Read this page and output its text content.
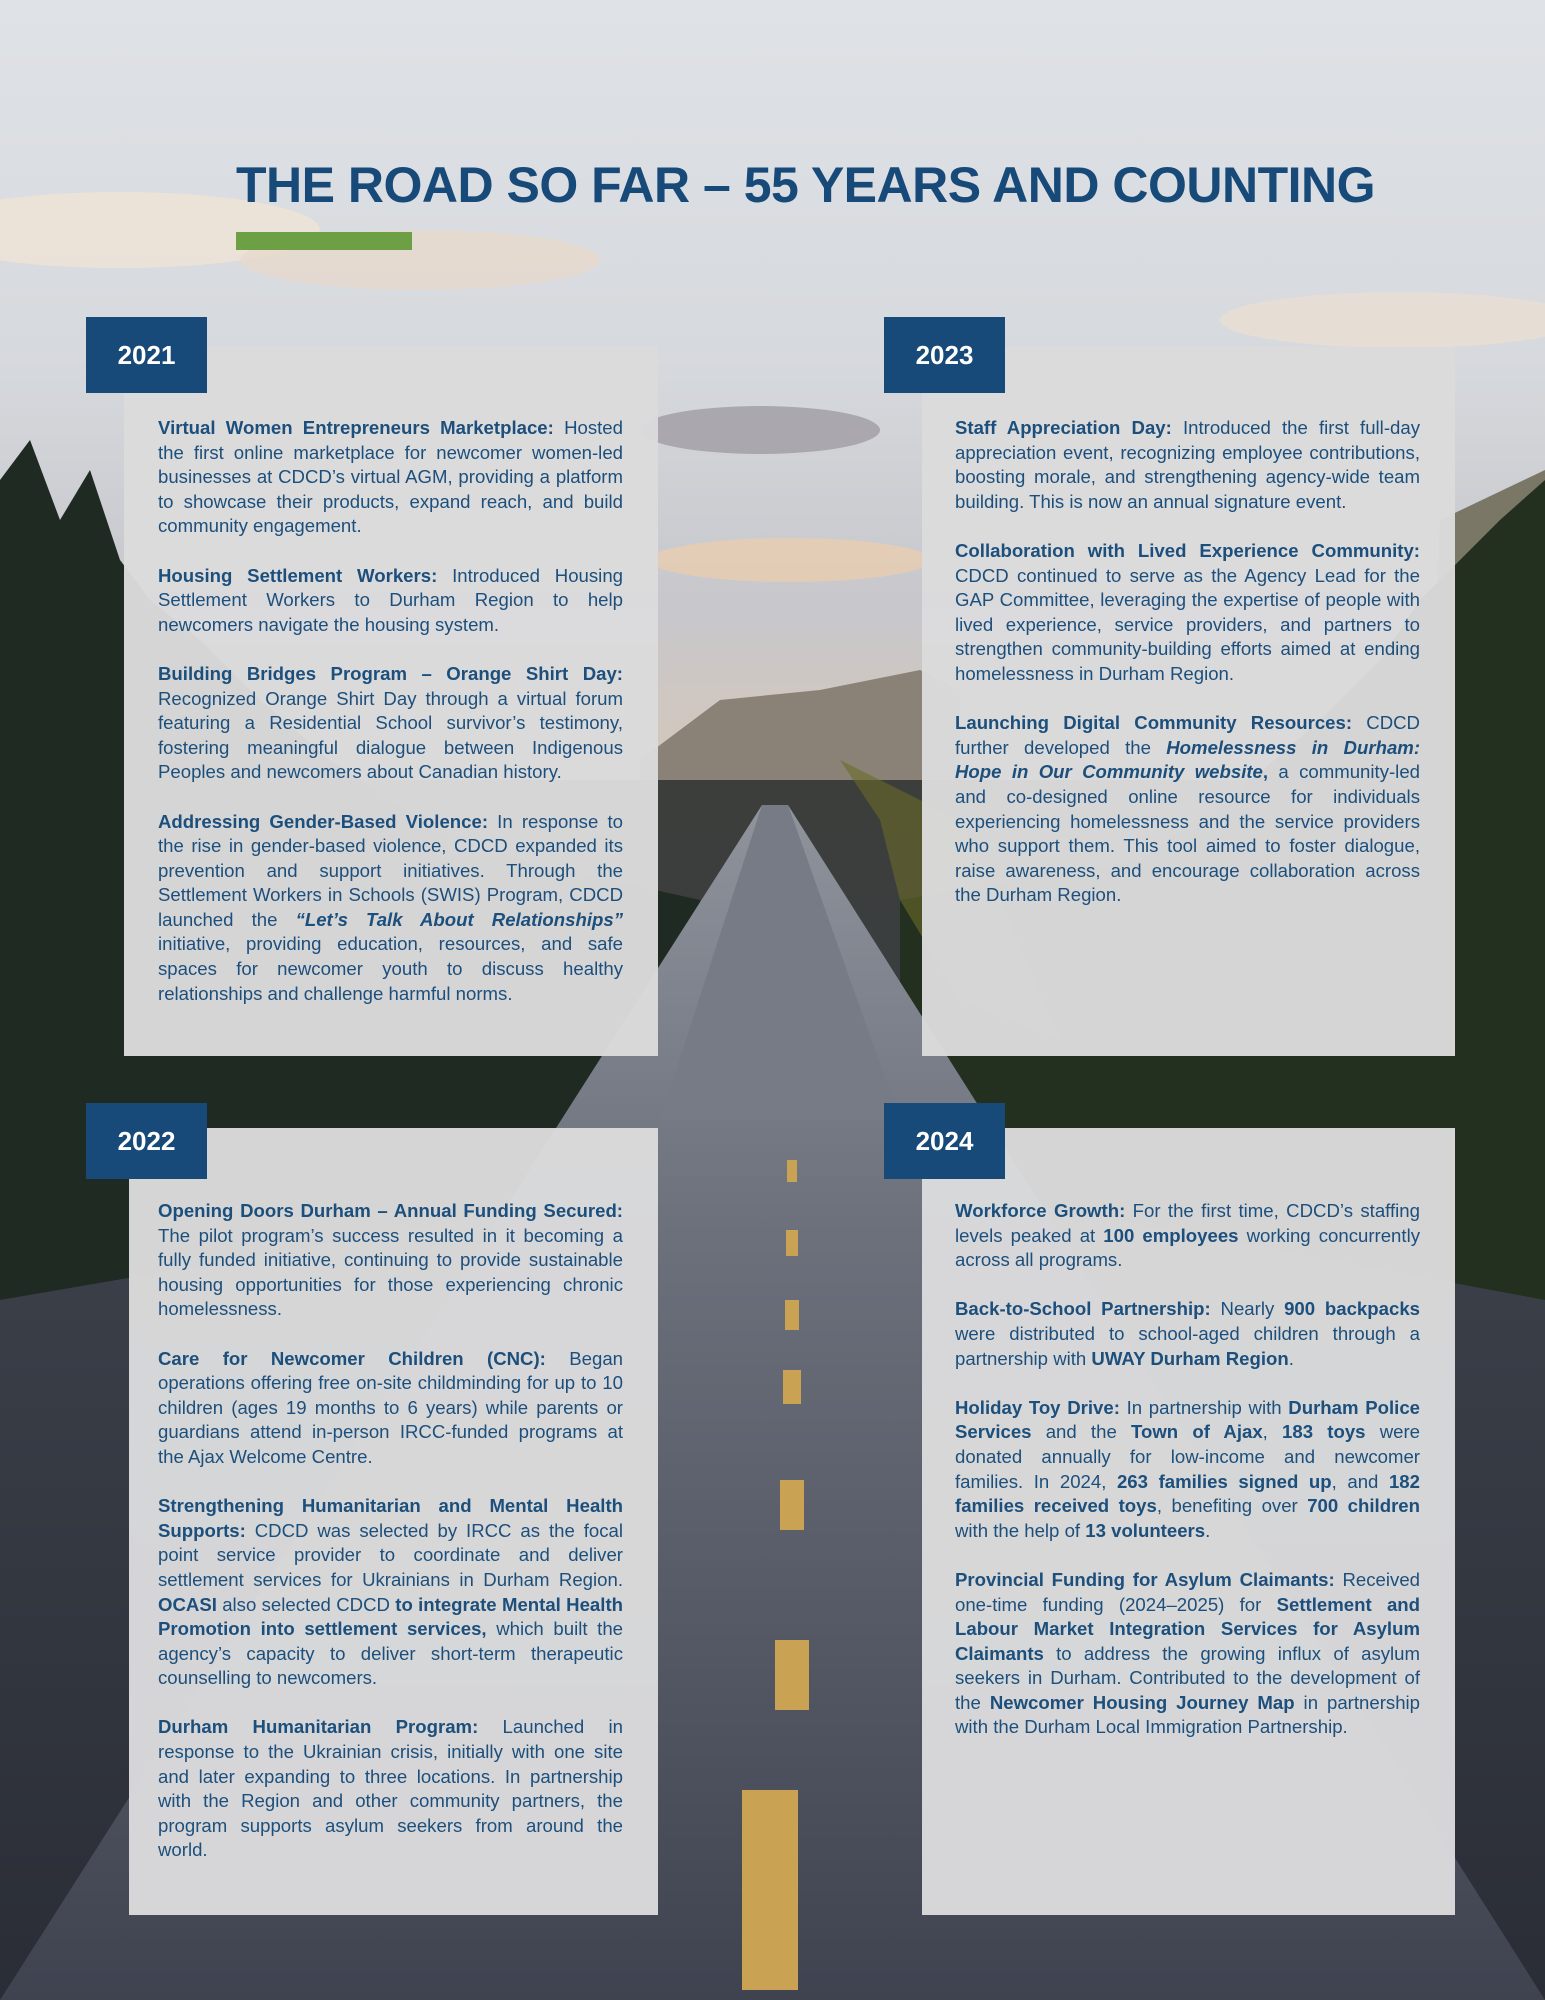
THE ROAD SO FAR – 55 YEARS AND COUNTING
2021

Virtual Women Entrepreneurs Marketplace: Hosted the first online marketplace for newcomer women-led businesses at CDCD’s virtual AGM, providing a platform to showcase their products, expand reach, and build community engagement.

Housing Settlement Workers: Introduced Housing Settlement Workers to Durham Region to help newcomers navigate the housing system.

Building Bridges Program – Orange Shirt Day: Recognized Orange Shirt Day through a virtual forum featuring a Residential School survivor’s testimony, fostering meaningful dialogue between Indigenous Peoples and newcomers about Canadian history.

Addressing Gender-Based Violence: In response to the rise in gender-based violence, CDCD expanded its prevention and support initiatives. Through the Settlement Workers in Schools (SWIS) Program, CDCD launched the “Let’s Talk About Relationships” initiative, providing education, resources, and safe spaces for newcomer youth to discuss healthy relationships and challenge harmful norms.

2023

Staff Appreciation Day: Introduced the first full-day appreciation event, recognizing employee contributions, boosting morale, and strengthening agency-wide team building. This is now an annual signature event.

Collaboration with Lived Experience Community: CDCD continued to serve as the Agency Lead for the GAP Committee, leveraging the expertise of people with lived experience, service providers, and partners to strengthen community-building efforts aimed at ending homelessness in Durham Region.

Launching Digital Community Resources: CDCD further developed the Homelessness in Durham: Hope in Our Community website, a community-led and co-designed online resource for individuals experiencing homelessness and the service providers who support them. This tool aimed to foster dialogue, raise awareness, and encourage collaboration across the Durham Region.

2022

Opening Doors Durham – Annual Funding Secured: The pilot program’s success resulted in it becoming a fully funded initiative, continuing to provide sustainable housing opportunities for those experiencing chronic homelessness.

Care for Newcomer Children (CNC): Began operations offering free on-site childminding for up to 10 children (ages 19 months to 6 years) while parents or guardians attend in-person IRCC-funded programs at the Ajax Welcome Centre.

Strengthening Humanitarian and Mental Health Supports: CDCD was selected by IRCC as the focal point service provider to coordinate and deliver settlement services for Ukrainians in Durham Region. OCASI also selected CDCD to integrate Mental Health Promotion into settlement services, which built the agency’s capacity to deliver short-term therapeutic counselling to newcomers.

Durham Humanitarian Program: Launched in response to the Ukrainian crisis, initially with one site and later expanding to three locations. In partnership with the Region and other community partners, the program supports asylum seekers from around the world.

2024

Workforce Growth: For the first time, CDCD’s staffing levels peaked at 100 employees working concurrently across all programs.

Back-to-School Partnership: Nearly 900 backpacks were distributed to school-aged children through a partnership with UWAY Durham Region.

Holiday Toy Drive: In partnership with Durham Police Services and the Town of Ajax, 183 toys were donated annually for low-income and newcomer families. In 2024, 263 families signed up, and 182 families received toys, benefiting over 700 children with the help of 13 volunteers.

Provincial Funding for Asylum Claimants: Received one-time funding (2024–2025) for Settlement and Labour Market Integration Services for Asylum Claimants to address the growing influx of asylum seekers in Durham. Contributed to the development of the Newcomer Housing Journey Map in partnership with the Durham Local Immigration Partnership.
